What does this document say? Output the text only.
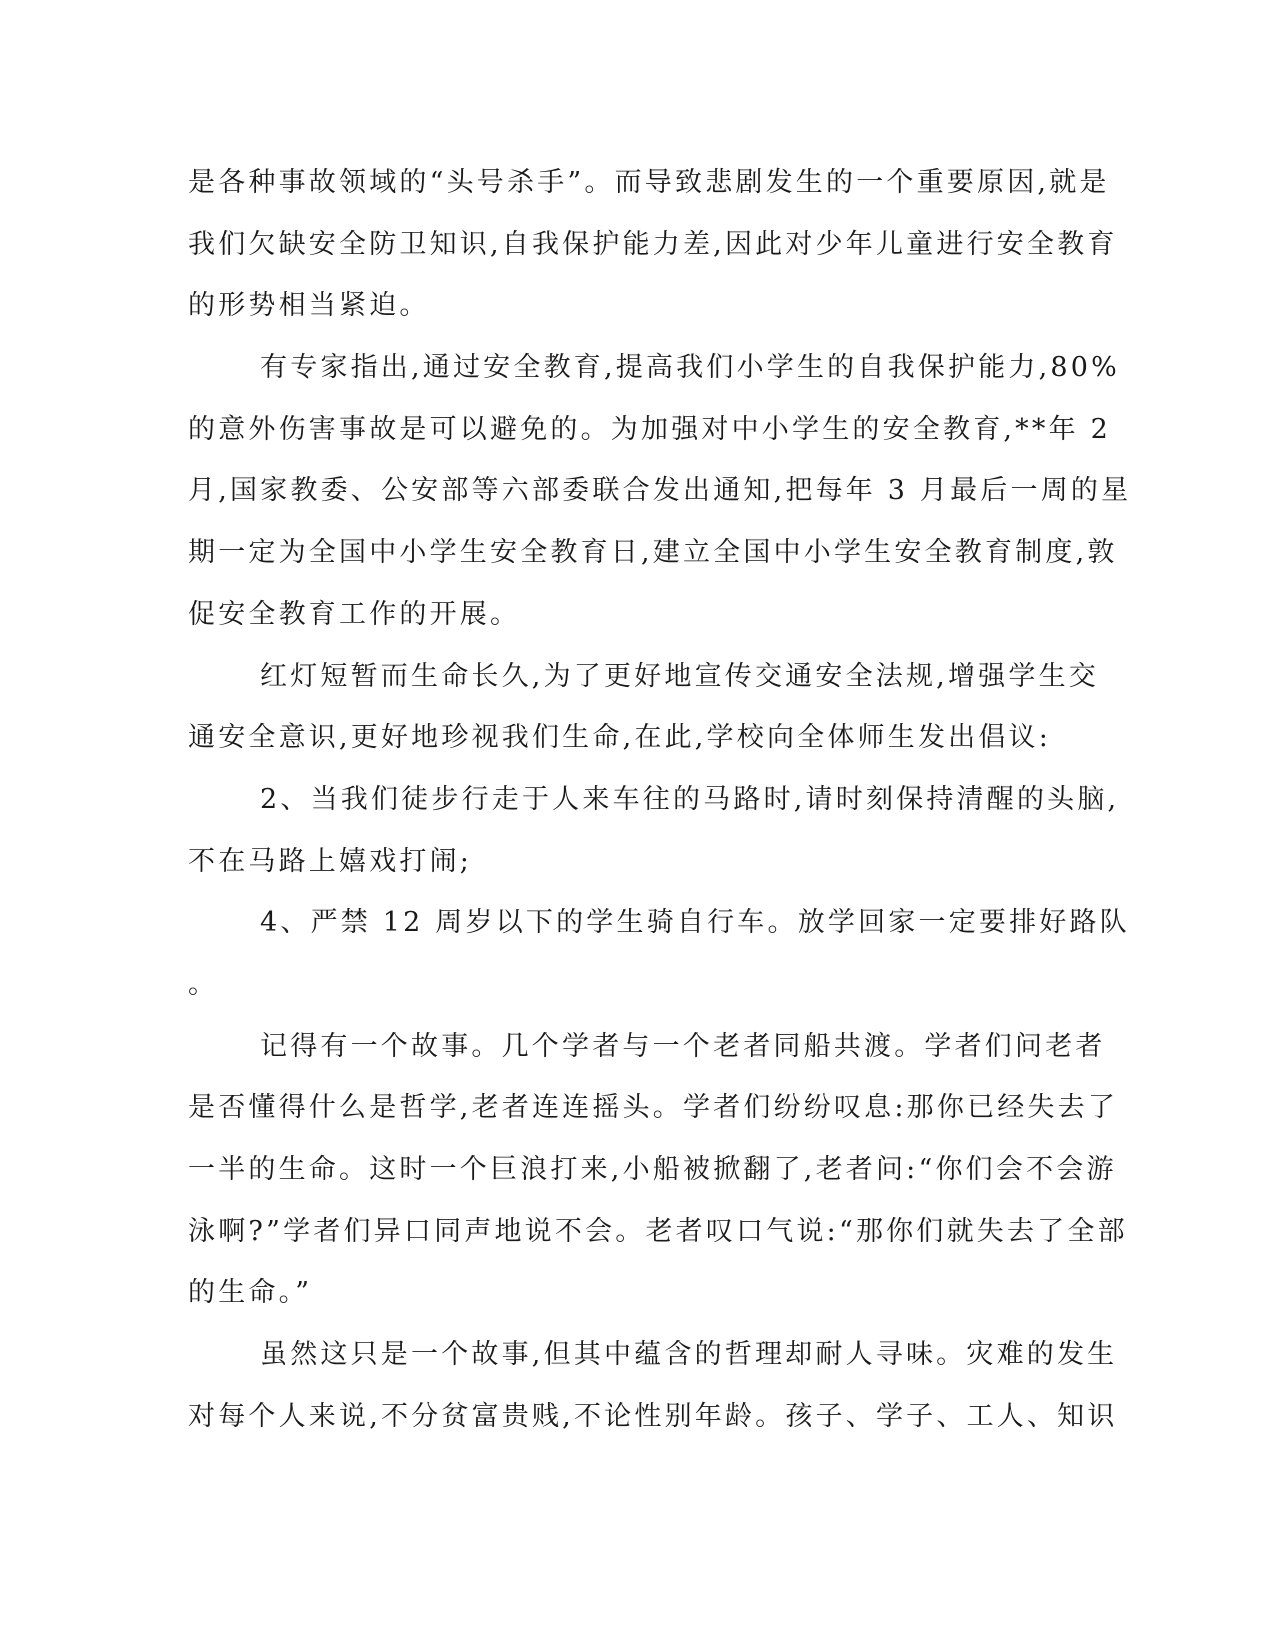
是各种事故领域的“头号杀手”。而导致悲剧发生的一个重要原因,就是
我们欠缺安全防卫知识,自我保护能力差,因此对少年儿童进行安全教育
的形势相当紧迫。
有专家指出,通过安全教育,提高我们小学生的自我保护能力,80%
的意外伤害事故是可以避免的。为加强对中小学生的安全教育,**年 2
月,国家教委、公安部等六部委联合发出通知,把每年 3 月最后一周的星
期一定为全国中小学生安全教育日,建立全国中小学生安全教育制度,敦
促安全教育工作的开展。
红灯短暂而生命长久,为了更好地宣传交通安全法规,增强学生交
通安全意识,更好地珍视我们生命,在此,学校向全体师生发出倡议:
2、当我们徒步行走于人来车往的马路时,请时刻保持清醒的头脑,
不在马路上嬉戏打闹;
4、严禁 12 周岁以下的学生骑自行车。放学回家一定要排好路队
。
记得有一个故事。几个学者与一个老者同船共渡。学者们问老者
是否懂得什么是哲学,老者连连摇头。学者们纷纷叹息:那你已经失去了
一半的生命。这时一个巨浪打来,小船被掀翻了,老者问:“你们会不会游
泳啊?”学者们异口同声地说不会。老者叹口气说:“那你们就失去了全部
的生命。”
虽然这只是一个故事,但其中蕴含的哲理却耐人寻味。灾难的发生
对每个人来说,不分贫富贵贱,不论性别年龄。孩子、学子、工人、知识
